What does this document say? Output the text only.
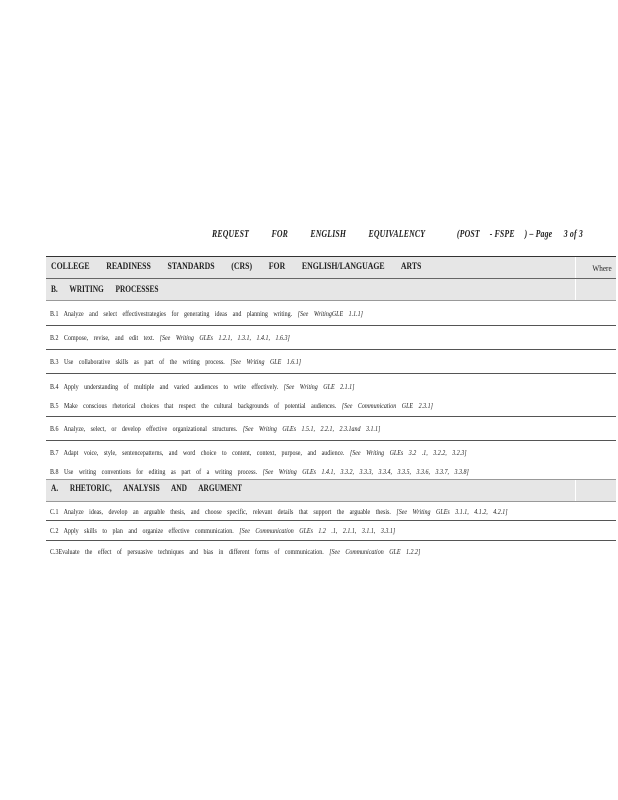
REQUEST FOR ENGLISH EQUIVALENCY	(POST - FSPE ) – Page 3 of 3
COLLEGE READINESS STANDARDS (CRS) FOR ENGLISH/LANGUAGE ARTS	Where
B. WRITING PROCESSES
B.1 Analyze and select effectivestrategies for generating ideas and planning writing. [See WritingGLE 1.1.1]
B.2 Compose, revise, and edit text. [See Writing GLEs 1.2.1, 1.3.1, 1.4.1, 1.6.3]
B.3 Use collaborative skills as part of the writing process. [See Writing GLE 1.6.1]
B.4 Apply understanding of multiple and varied audiences to write effectively. [See Writing GLE 2.1.1]
B.5 Make conscious rhetorical choices that respect the cultural backgrounds of potential audiences. [See Communication GLE 2.3.1]
B.6 Analyze, select, or develop effective organizational structures. [See Writing GLEs 1.5.1, 2.2.1, 2.3.1and 3.1.1]
B.7 Adapt voice, style, sentencepatterns, and word choice to content, context, purpose, and audience. [See Writing GLEs 3.2 .1, 3.2.2, 3.2.3]
B.8 Use writing conventions for editing as part of a writing process. [See Writing GLEs 1.4.1, 3.3.2, 3.3.3, 3.3.4, 3.3.5, 3.3.6, 3.3.7, 3.3.8]
A. RHETORIC, ANALYSIS AND ARGUMENT
C.1 Analyze ideas, develop an arguable thesis, and choose specific, relevant details that support the arguable thesis. [See Writing GLEs 3.1.1, 4.1.2, 4.2.1]
C.2 Apply skills to plan and organize effective communication. [See Communication GLEs 1.2 .1, 2.1.1, 3.1.1, 3.3.1]
C.3Evaluate the effect of persuasive techniques and bias in different forms of communication. [See Communication GLE 1.2.2]
